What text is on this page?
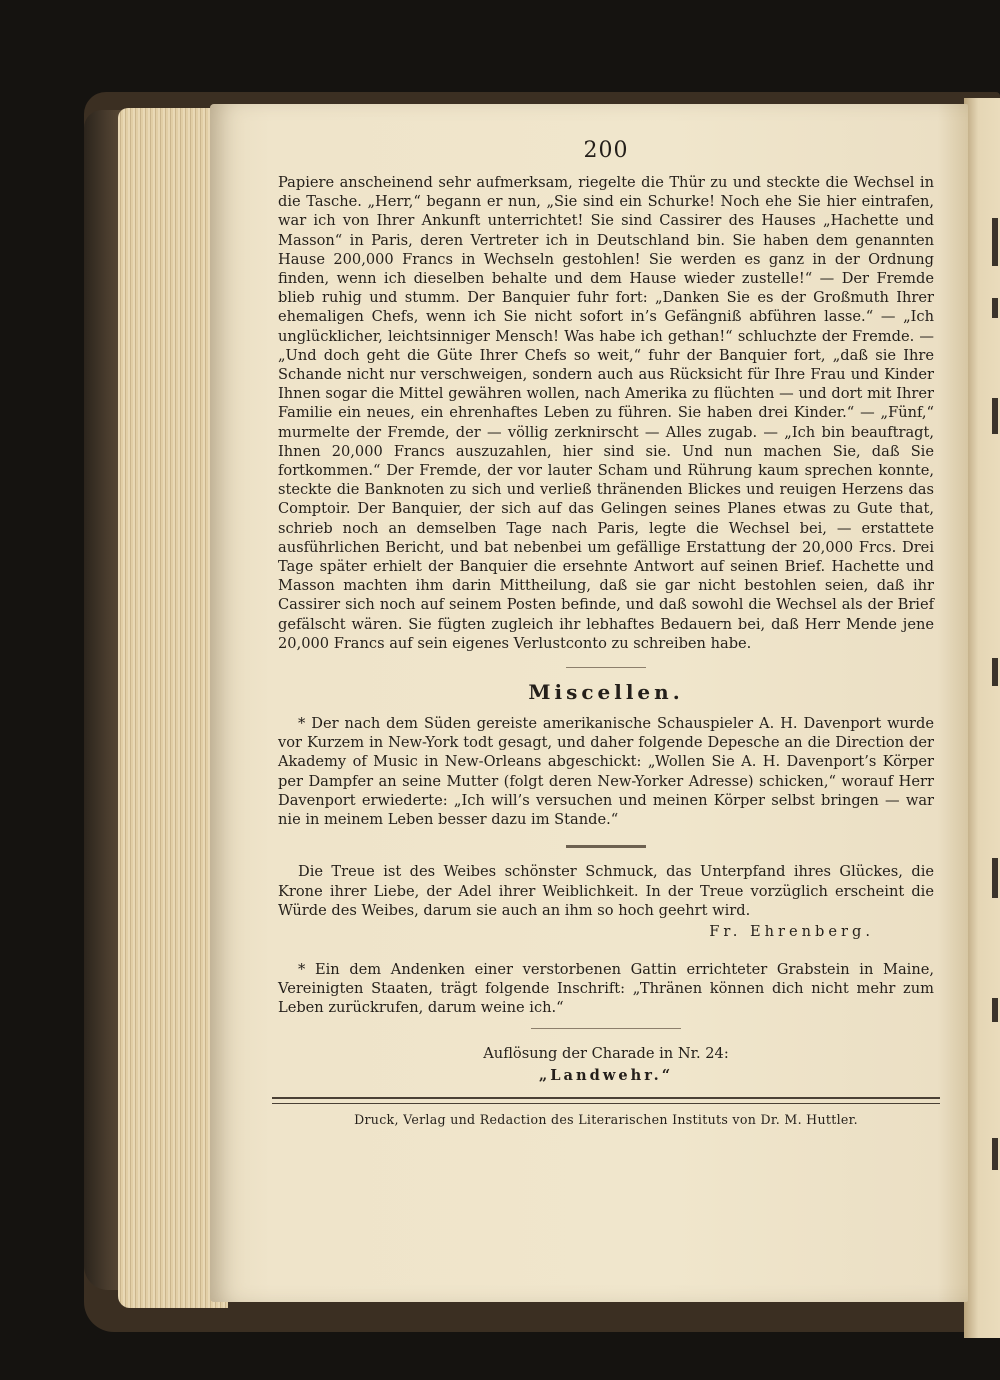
200

Papiere anscheinend sehr aufmerksam, riegelte die Thür zu und steckte die Wechsel in die Tasche. „Herr,“ begann er nun, „Sie sind ein Schurke! Noch ehe Sie hier eintrafen, war ich von Ihrer Ankunft unterrichtet! Sie sind Cassirer des Hauses „Hachette und Masson“ in Paris, deren Vertreter ich in Deutschland bin. Sie haben dem genannten Hause 200,000 Francs in Wechseln gestohlen! Sie werden es ganz in der Ordnung finden, wenn ich dieselben behalte und dem Hause wieder zustelle!“ — Der Fremde blieb ruhig und stumm. Der Banquier fuhr fort: „Danken Sie es der Großmuth Ihrer ehemaligen Chefs, wenn ich Sie nicht sofort in’s Gefängniß abführen lasse.“ — „Ich unglücklicher, leichtsinniger Mensch! Was habe ich gethan!“ schluchzte der Fremde. — „Und doch geht die Güte Ihrer Chefs so weit,“ fuhr der Banquier fort, „daß sie Ihre Schande nicht nur verschweigen, sondern auch aus Rücksicht für Ihre Frau und Kinder Ihnen sogar die Mittel gewähren wollen, nach Amerika zu flüchten — und dort mit Ihrer Familie ein neues, ein ehrenhaftes Leben zu führen. Sie haben drei Kinder.“ — „Fünf,“ murmelte der Fremde, der — völlig zerknirscht — Alles zugab. — „Ich bin beauftragt, Ihnen 20,000 Francs auszuzahlen, hier sind sie. Und nun machen Sie, daß Sie fortkommen.“ Der Fremde, der vor lauter Scham und Rührung kaum sprechen konnte, steckte die Banknoten zu sich und verließ thränenden Blickes und reuigen Herzens das Comptoir. Der Banquier, der sich auf das Gelingen seines Planes etwas zu Gute that, schrieb noch an demselben Tage nach Paris, legte die Wechsel bei, — erstattete ausführlichen Bericht, und bat nebenbei um gefällige Erstattung der 20,000 Frcs. Drei Tage später erhielt der Banquier die ersehnte Antwort auf seinen Brief. Hachette und Masson machten ihm darin Mittheilung, daß sie gar nicht bestohlen seien, daß ihr Cassirer sich noch auf seinem Posten befinde, und daß sowohl die Wechsel als der Brief gefälscht wären. Sie fügten zugleich ihr lebhaftes Bedauern bei, daß Herr Mende jene 20,000 Francs auf sein eigenes Verlustconto zu schreiben habe.

Miscellen.

* Der nach dem Süden gereiste amerikanische Schauspieler A. H. Davenport wurde vor Kurzem in New-York todt gesagt, und daher folgende Depesche an die Direction der Akademy of Music in New-Orleans abgeschickt: „Wollen Sie A. H. Davenport’s Körper per Dampfer an seine Mutter (folgt deren New-Yorker Adresse) schicken,“ worauf Herr Davenport erwiederte: „Ich will’s versuchen und meinen Körper selbst bringen — war nie in meinem Leben besser dazu im Stande.“

Die Treue ist des Weibes schönster Schmuck, das Unterpfand ihres Glückes, die Krone ihrer Liebe, der Adel ihrer Weiblichkeit. In der Treue vorzüglich erscheint die Würde des Weibes, darum sie auch an ihm so hoch geehrt wird.

Fr. Ehrenberg.

* Ein dem Andenken einer verstorbenen Gattin errichteter Grabstein in Maine, Vereinigten Staaten, trägt folgende Inschrift: „Thränen können dich nicht mehr zum Leben zurückrufen, darum weine ich.“

Auflösung der Charade in Nr. 24:

„Landwehr.“

Druck, Verlag und Redaction des Literarischen Instituts von Dr. M. Huttler.
